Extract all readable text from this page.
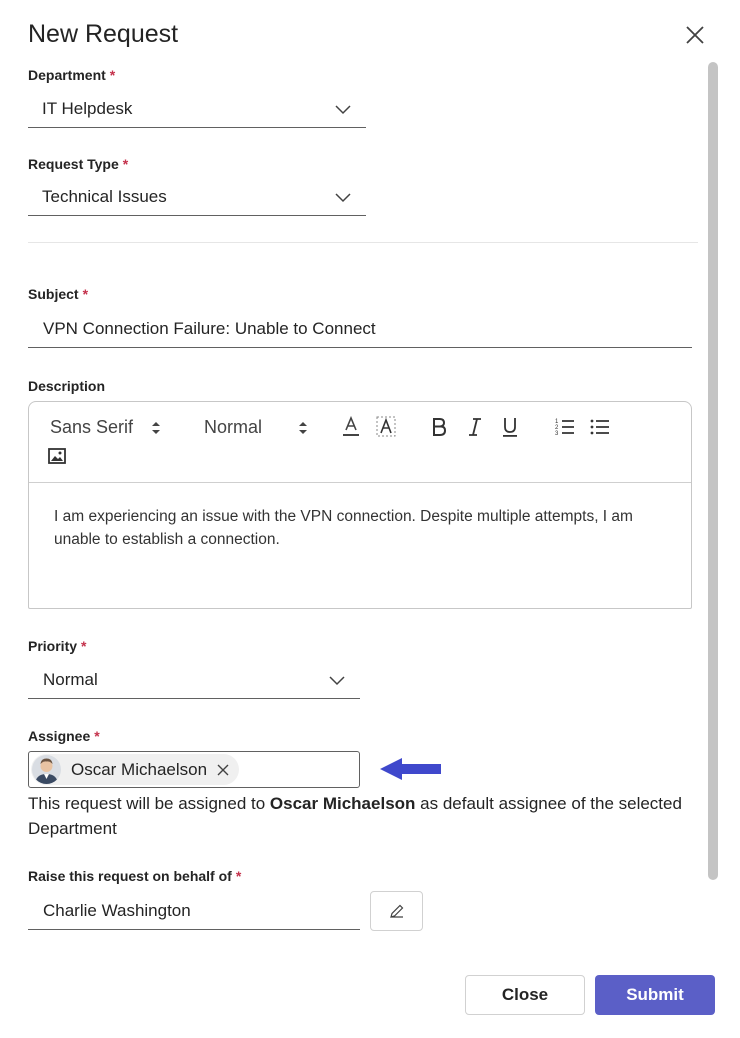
New Request
Department *
IT Helpdesk
Request Type *
Technical Issues
Subject *
VPN Connection Failure: Unable to Connect
Description
Sans Serif	Normal	1
2
3
I am experiencing an issue with the VPN connection. Despite multiple attempts, I am unable to establish a connection.
Priority *
Normal
Assignee *
Oscar Michaelson
This request will be assigned to Oscar Michaelson as default assignee of the selected Department
Raise this request on behalf of *
Charlie Washington
Close	Submit
